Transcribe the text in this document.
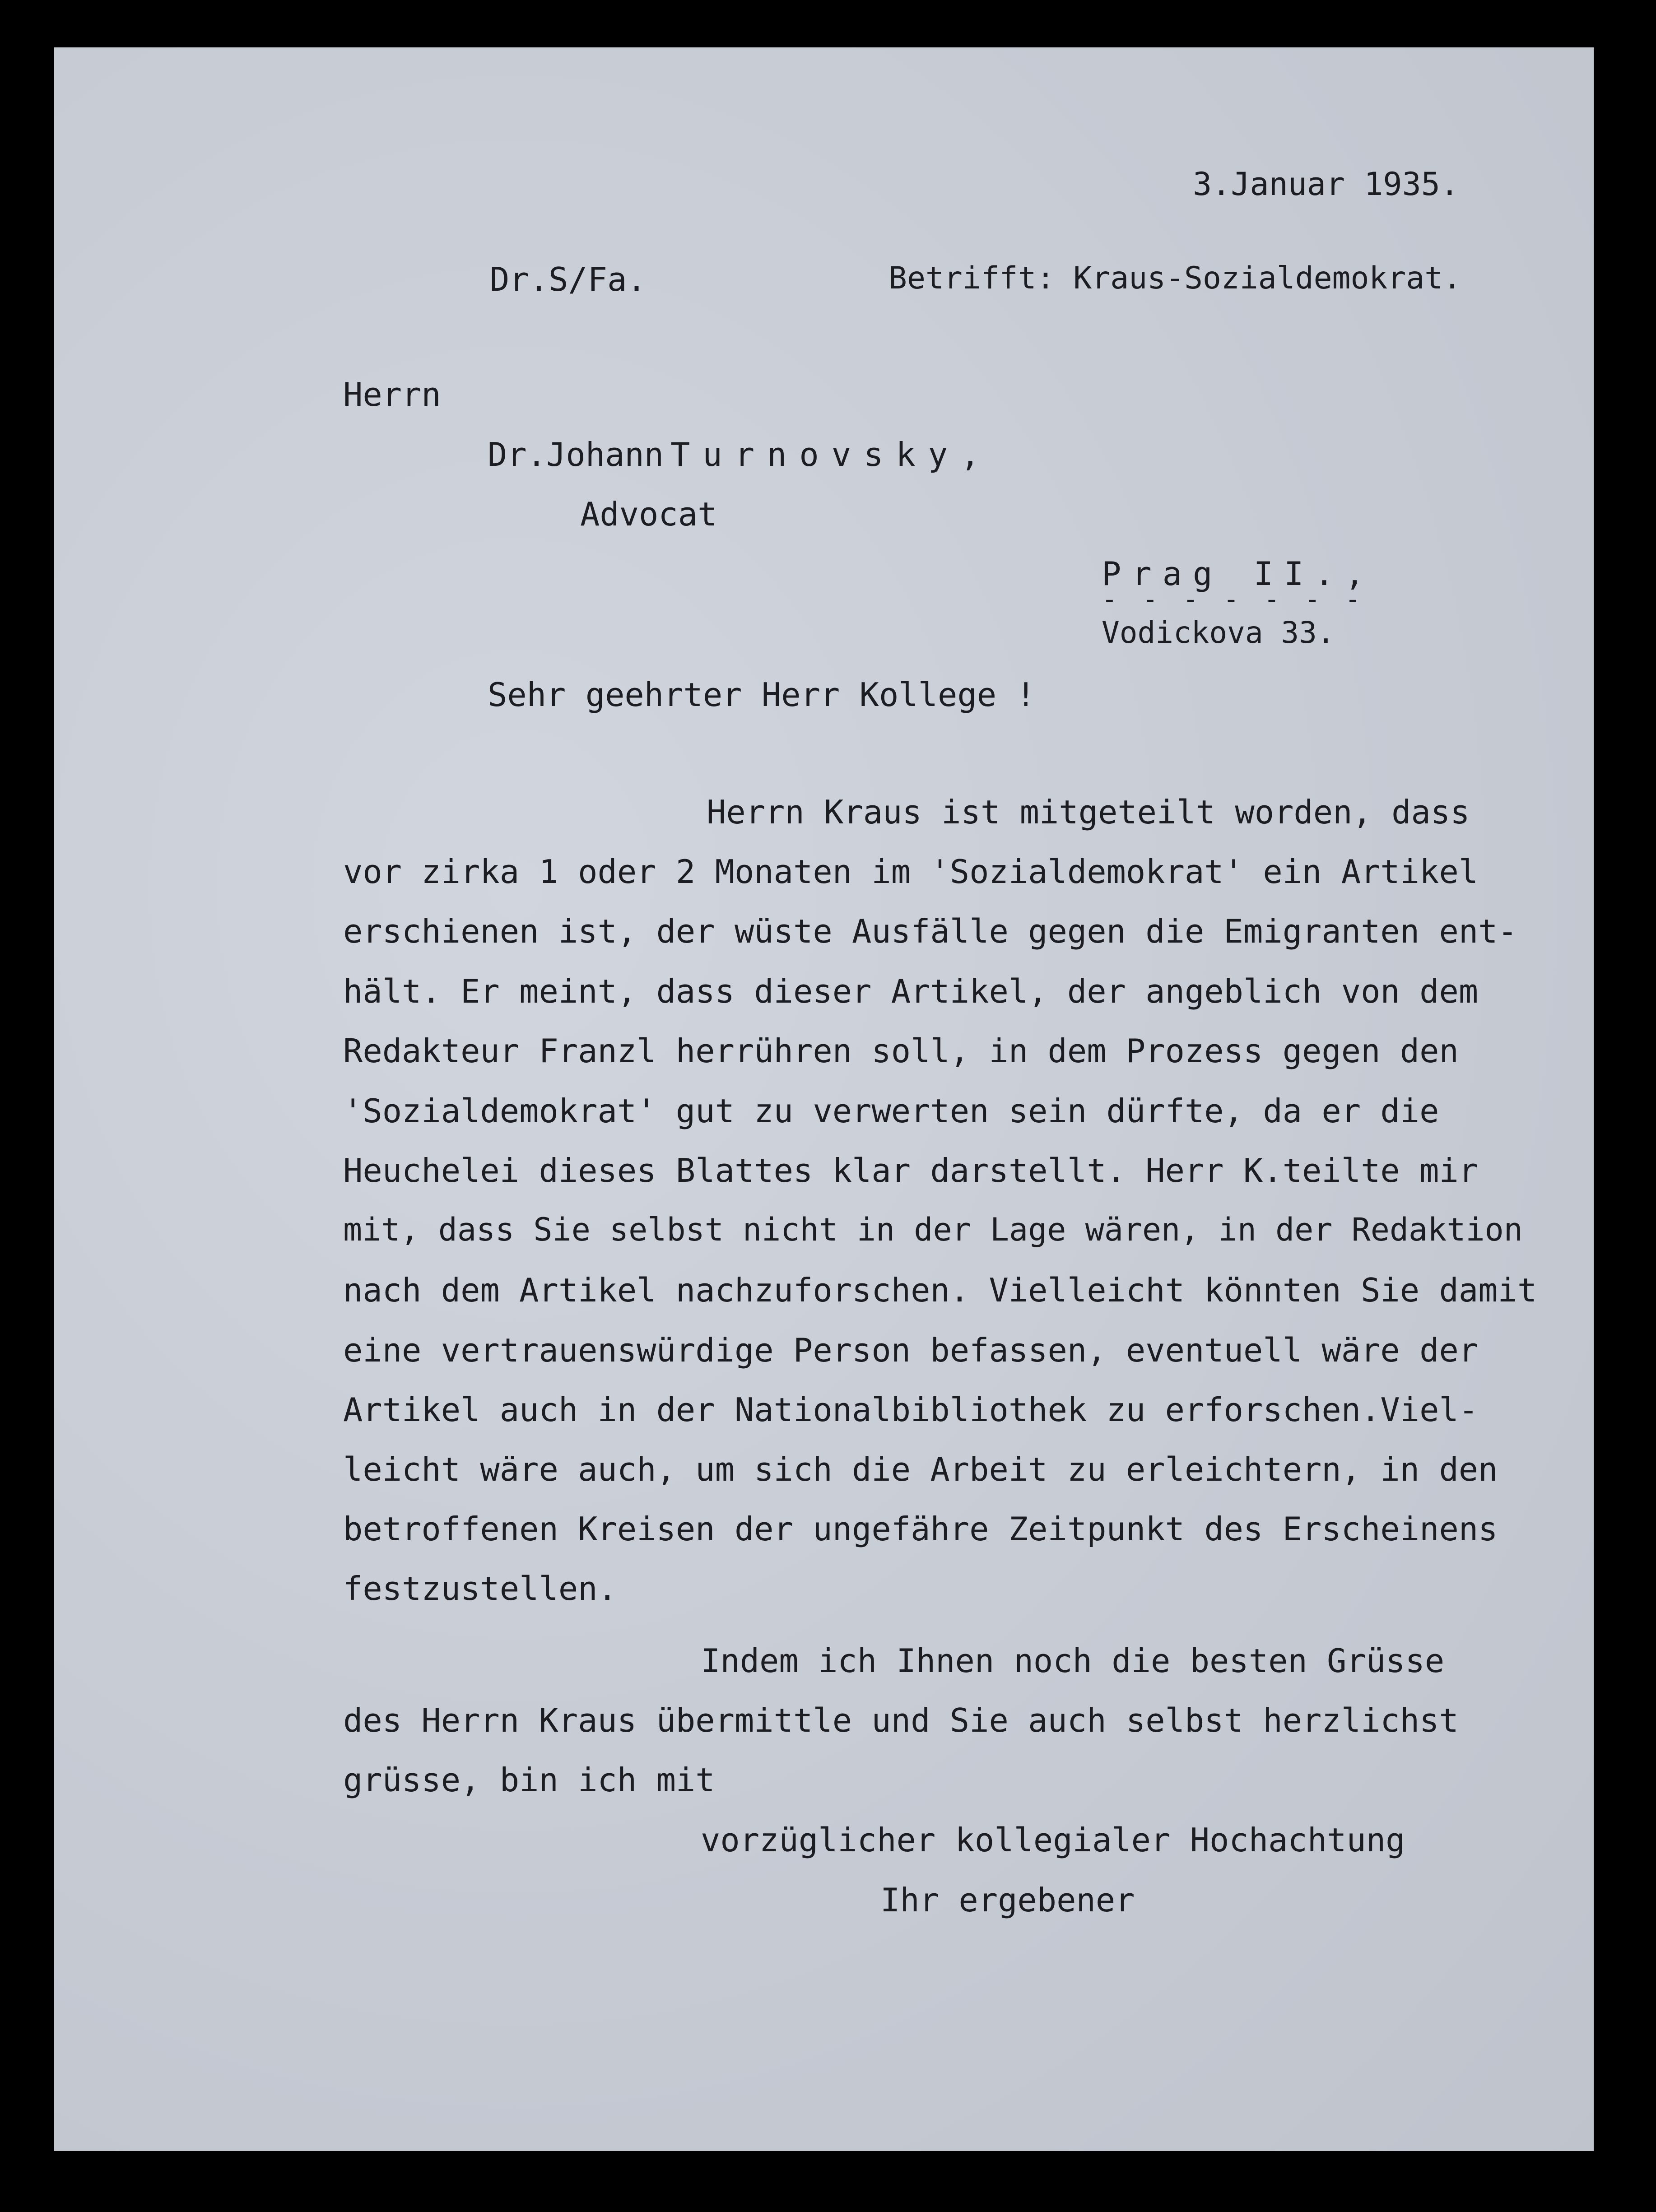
3.Januar 1935.
Dr.S/Fa.	Betrifft: Kraus-Sozialdemokrat.
Herrn
Dr.Johann Turnovsky,
Advocat
Prag II.,
- - - - - - -
Vodickova 33.
Sehr geehrter Herr Kollege !
Herrn Kraus ist mitgeteilt worden, dass
vor zirka 1 oder 2 Monaten im 'Sozialdemokrat' ein Artikel
erschienen ist, der wüste Ausfälle gegen die Emigranten ent-
hält. Er meint, dass dieser Artikel, der angeblich von dem
Redakteur Franzl herrühren soll, in dem Prozess gegen den
'Sozialdemokrat' gut zu verwerten sein dürfte, da er die
Heuchelei dieses Blattes klar darstellt. Herr K.teilte mir
mit, dass Sie selbst nicht in der Lage wären, in der Redaktion
nach dem Artikel nachzuforschen. Vielleicht könnten Sie damit
eine vertrauenswürdige Person befassen, eventuell wäre der
Artikel auch in der Nationalbibliothek zu erforschen.Viel-
leicht wäre auch, um sich die Arbeit zu erleichtern, in den
betroffenen Kreisen der ungefähre Zeitpunkt des Erscheinens
festzustellen.
Indem ich Ihnen noch die besten Grüsse
des Herrn Kraus übermittle und Sie auch selbst herzlichst
grüsse, bin ich mit
vorzüglicher kollegialer Hochachtung
Ihr ergebener
